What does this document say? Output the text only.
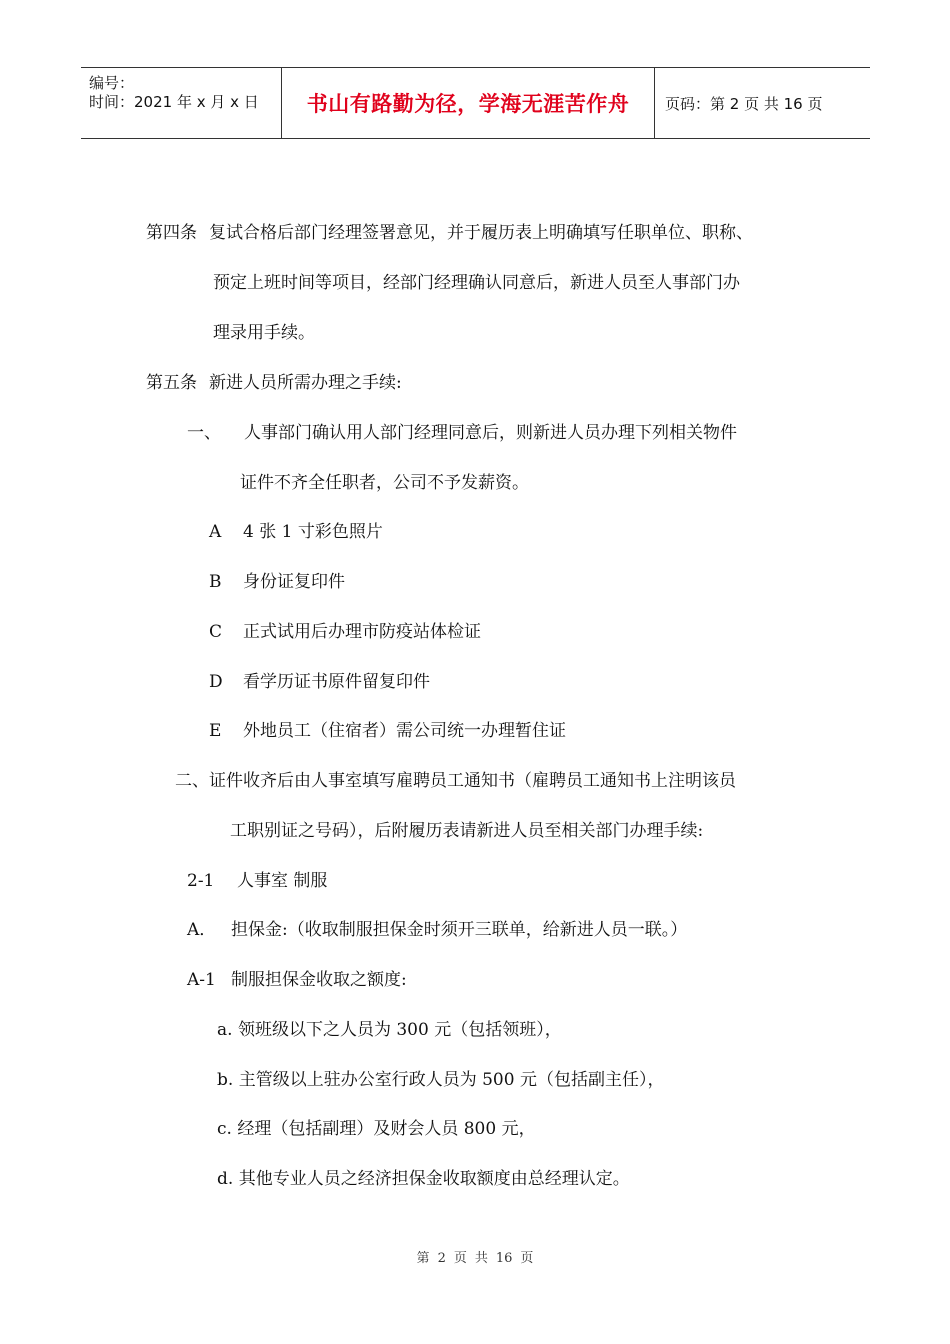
编号：
时间：2021 年 x 月 x 日	书山有路勤为径，学海无涯苦作舟	页码：第 2 页 共 16 页
第四条 复试合格后部门经理签署意见，并于履历表上明确填写任职单位、职称、
预定上班时间等项目，经部门经理确认同意后，新进人员至人事部门办
理录用手续。
第五条 新进人员所需办理之手续:
一、 人事部门确认用人部门经理同意后，则新进人员办理下列相关物件
证件不齐全任职者，公司不予发薪资。
A 4 张 1 寸彩色照片
B 身份证复印件
C 正式试用后办理市防疫站体检证
D 看学历证书原件留复印件
E 外地员工（住宿者）需公司统一办理暂住证
二、证件收齐后由人事室填写雇聘员工通知书（雇聘员工通知书上注明该员
工职别证之号码），后附履历表请新进人员至相关部门办理手续:
2-1 人事室 制服
A． 担保金:（收取制服担保金时须开三联单，给新进人员一联。）
A-1 制服担保金收取之额度:
a. 领班级以下之人员为 300 元（包括领班），
b. 主管级以上驻办公室行政人员为 500 元（包括副主任），
c. 经理（包括副理）及财会人员 800 元，
d. 其他专业人员之经济担保金收取额度由总经理认定。
第 2 页 共 16 页
